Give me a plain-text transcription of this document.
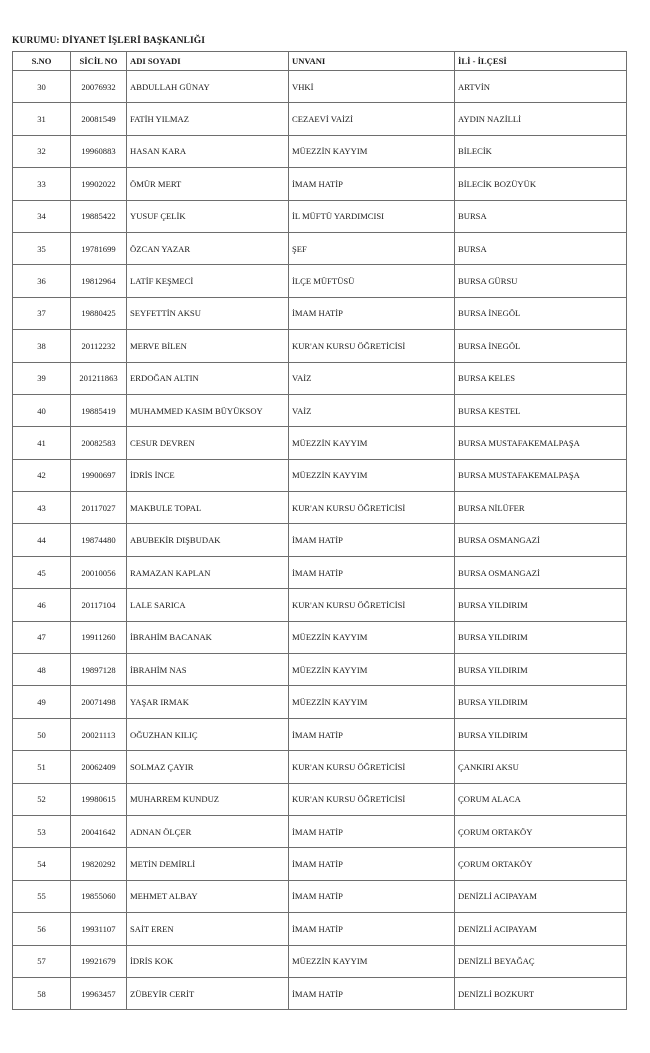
KURUMU: DİYANET İŞLERİ BAŞKANLIĞI
S.NO	SİCİL NO	ADI SOYADI	UNVANI	İLİ - İLÇESİ
30	20076932	ABDULLAH GÜNAY	VHKİ	ARTVİN
31	20081549	FATİH YILMAZ	CEZAEVİ VAİZİ	AYDIN NAZİLLİ
32	19960883	HASAN KARA	MÜEZZİN KAYYIM	BİLECİK
33	19902022	ÖMÜR MERT	İMAM HATİP	BİLECİK BOZÜYÜK
34	19885422	YUSUF ÇELİK	İL MÜFTÜ YARDIMCISI	BURSA
35	19781699	ÖZCAN YAZAR	ŞEF	BURSA
36	19812964	LATİF KEŞMECİ	İLÇE MÜFTÜSÜ	BURSA GÜRSU
37	19880425	SEYFETTİN AKSU	İMAM HATİP	BURSA İNEGÖL
38	20112232	MERVE BİLEN	KUR'AN KURSU ÖĞRETİCİSİ	BURSA İNEGÖL
39	201211863	ERDOĞAN ALTIN	VAİZ	BURSA KELES
40	19885419	MUHAMMED KASIM BÜYÜKSOY	VAİZ	BURSA KESTEL
41	20082583	CESUR DEVREN	MÜEZZİN KAYYIM	BURSA MUSTAFAKEMALPAŞA
42	19900697	İDRİS İNCE	MÜEZZİN KAYYIM	BURSA MUSTAFAKEMALPAŞA
43	20117027	MAKBULE TOPAL	KUR'AN KURSU ÖĞRETİCİSİ	BURSA NİLÜFER
44	19874480	ABUBEKİR DIŞBUDAK	İMAM HATİP	BURSA OSMANGAZİ
45	20010056	RAMAZAN KAPLAN	İMAM HATİP	BURSA OSMANGAZİ
46	20117104	LALE SARICA	KUR'AN KURSU ÖĞRETİCİSİ	BURSA YILDIRIM
47	19911260	İBRAHİM BACANAK	MÜEZZİN KAYYIM	BURSA YILDIRIM
48	19897128	İBRAHİM NAS	MÜEZZİN KAYYIM	BURSA YILDIRIM
49	20071498	YAŞAR IRMAK	MÜEZZİN KAYYIM	BURSA YILDIRIM
50	20021113	OĞUZHAN KILIÇ	İMAM HATİP	BURSA YILDIRIM
51	20062409	SOLMAZ ÇAYIR	KUR'AN KURSU ÖĞRETİCİSİ	ÇANKIRI AKSU
52	19980615	MUHARREM KUNDUZ	KUR'AN KURSU ÖĞRETİCİSİ	ÇORUM ALACA
53	20041642	ADNAN ÖLÇER	İMAM HATİP	ÇORUM ORTAKÖY
54	19820292	METİN DEMİRLİ	İMAM HATİP	ÇORUM ORTAKÖY
55	19855060	MEHMET ALBAY	İMAM HATİP	DENİZLİ ACIPAYAM
56	19931107	SAİT EREN	İMAM HATİP	DENİZLİ ACIPAYAM
57	19921679	İDRİS KOK	MÜEZZİN KAYYIM	DENİZLİ BEYAĞAÇ
58	19963457	ZÜBEYİR CERİT	İMAM HATİP	DENİZLİ BOZKURT
